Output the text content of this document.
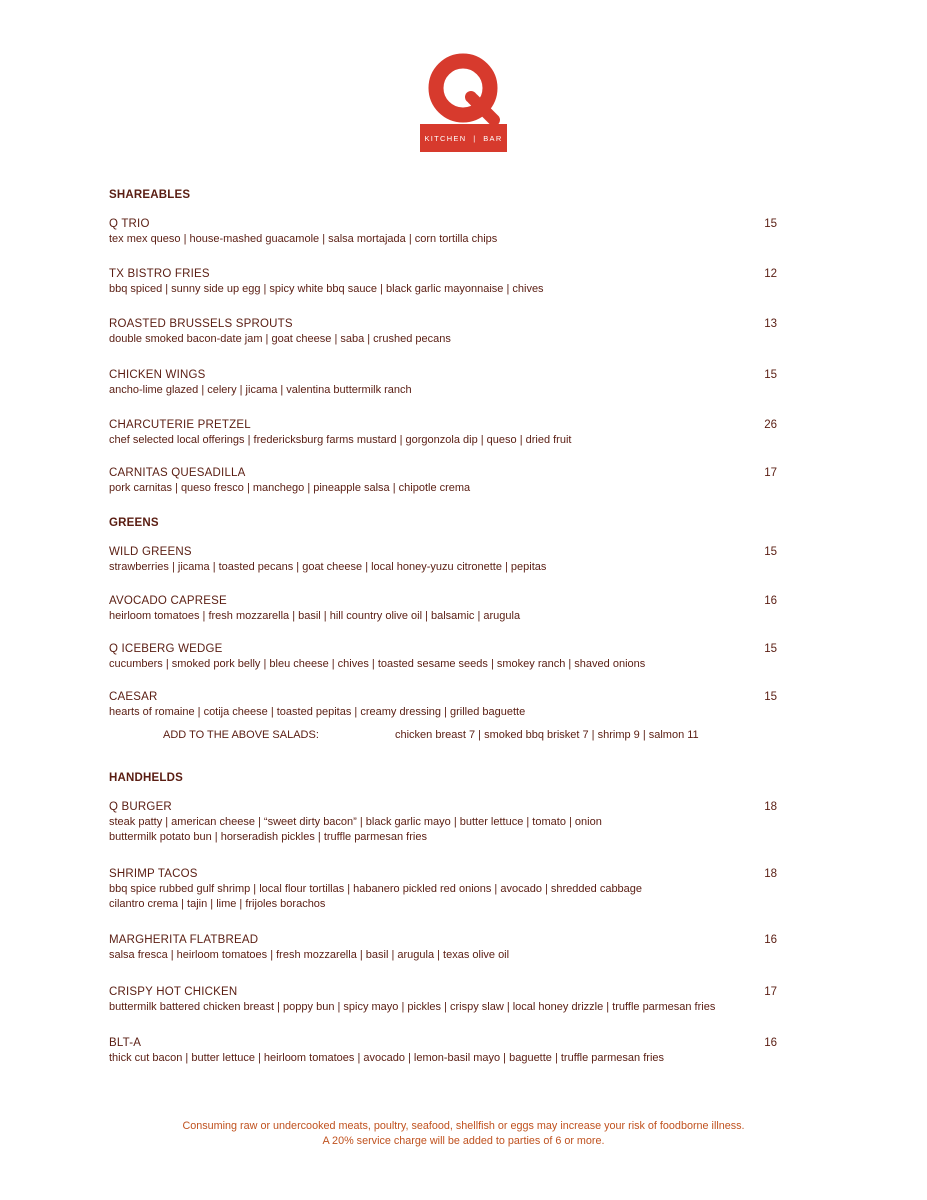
KITCHEN  |  BAR
SHAREABLES
Q TRIO	15
tex mex queso | house-mashed guacamole | salsa mortajada | corn tortilla chips
TX BISTRO FRIES	12
bbq spiced | sunny side up egg | spicy white bbq sauce | black garlic mayonnaise | chives
ROASTED BRUSSELS SPROUTS	13
double smoked bacon-date jam | goat cheese | saba | crushed pecans
CHICKEN WINGS	15
ancho-lime glazed | celery | jicama | valentina buttermilk ranch
CHARCUTERIE PRETZEL	26
chef selected local offerings | fredericksburg farms mustard | gorgonzola dip | queso | dried fruit
CARNITAS QUESADILLA	17
pork carnitas | queso fresco | manchego | pineapple salsa | chipotle crema
GREENS
WILD GREENS	15
strawberries | jicama | toasted pecans | goat cheese | local honey-yuzu citronette | pepitas
AVOCADO CAPRESE	16
heirloom tomatoes | fresh mozzarella | basil | hill country olive oil | balsamic | arugula
Q ICEBERG WEDGE	15
cucumbers | smoked pork belly | bleu cheese | chives | toasted sesame seeds | smokey ranch | shaved onions
CAESAR	15
hearts of romaine | cotija cheese | toasted pepitas | creamy dressing | grilled baguette
ADD TO THE ABOVE SALADS:	chicken breast 7 | smoked bbq brisket 7 | shrimp 9 | salmon 11
HANDHELDS
Q BURGER	18
steak patty | american cheese | “sweet dirty bacon” | black garlic mayo | butter lettuce | tomato | onion
buttermilk potato bun | horseradish pickles | truffle parmesan fries
SHRIMP TACOS	18
bbq spice rubbed gulf shrimp | local flour tortillas | habanero pickled red onions | avocado | shredded cabbage
cilantro crema | tajin | lime | frijoles borachos
MARGHERITA FLATBREAD	16
salsa fresca | heirloom tomatoes | fresh mozzarella | basil | arugula | texas olive oil
CRISPY HOT CHICKEN	17
buttermilk battered chicken breast | poppy bun | spicy mayo | pickles | crispy slaw | local honey drizzle | truffle parmesan fries
BLT-A	16
thick cut bacon | butter lettuce | heirloom tomatoes | avocado | lemon-basil mayo | baguette | truffle parmesan fries
Consuming raw or undercooked meats, poultry, seafood, shellfish or eggs may increase your risk of foodborne illness.
A 20% service charge will be added to parties of 6 or more.
